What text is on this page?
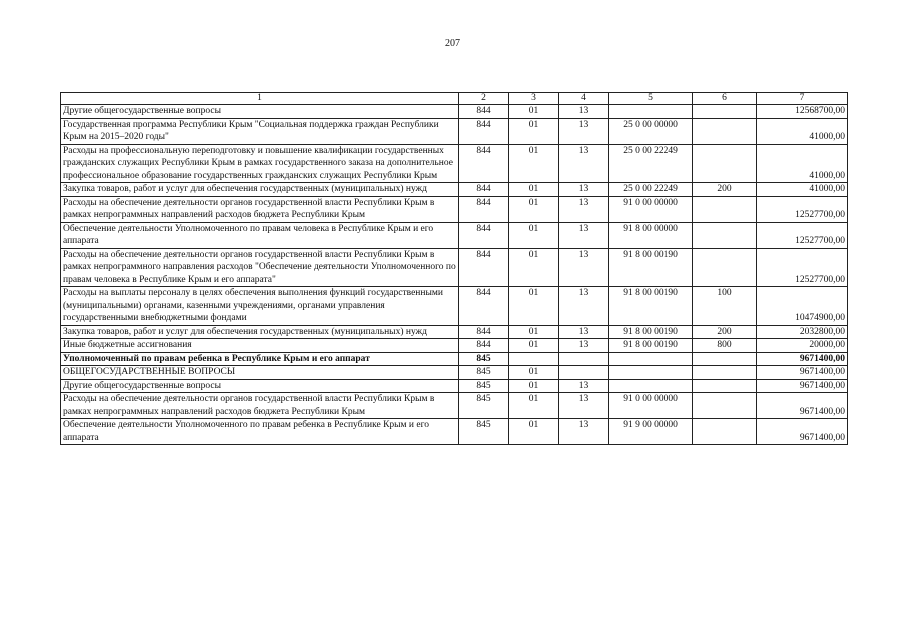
207
1	2	3	4	5	6	7
Другие общегосударственные вопросы	844	01	13			12568700,00
Государственная программа Республики Крым "Социальная поддержка граждан Республики Крым на 2015–2020 годы"	844	01	13	25 0 00 00000		41000,00
Расходы на профессиональную переподготовку и повышение квалификации государственных гражданских служащих Республики Крым в рамках государственного заказа на дополнительное профессиональное образование государственных гражданских служащих Республики Крым	844	01	13	25 0 00 22249		41000,00
Закупка товаров, работ и услуг для обеспечения государственных (муниципальных) нужд	844	01	13	25 0 00 22249	200	41000,00
Расходы на обеспечение деятельности органов государственной власти Республики Крым в рамках непрограммных направлений расходов бюджета Республики Крым	844	01	13	91 0 00 00000		12527700,00
Обеспечение деятельности Уполномоченного по правам человека в Республике Крым и его аппарата	844	01	13	91 8 00 00000		12527700,00
Расходы на обеспечение деятельности органов государственной власти Республики Крым в рамках непрограммного направления расходов "Обеспечение деятельности Уполномоченного по правам человека в Республике Крым и его аппарата"	844	01	13	91 8 00 00190		12527700,00
Расходы на выплаты персоналу в целях обеспечения выполнения функций государственными (муниципальными) органами, казенными учреждениями, органами управления государственными внебюджетными фондами	844	01	13	91 8 00 00190	100	10474900,00
Закупка товаров, работ и услуг для обеспечения государственных (муниципальных) нужд	844	01	13	91 8 00 00190	200	2032800,00
Иные бюджетные ассигнования	844	01	13	91 8 00 00190	800	20000,00
Уполномоченный по правам ребенка в Республике Крым и его аппарат	845					9671400,00
ОБЩЕГОСУДАРСТВЕННЫЕ ВОПРОСЫ	845	01				9671400,00
Другие общегосударственные вопросы	845	01	13			9671400,00
Расходы на обеспечение деятельности органов государственной власти Республики Крым в рамках непрограммных направлений расходов бюджета Республики Крым	845	01	13	91 0 00 00000		9671400,00
Обеспечение деятельности Уполномоченного по правам ребенка в Республике Крым и его аппарата	845	01	13	91 9 00 00000		9671400,00
